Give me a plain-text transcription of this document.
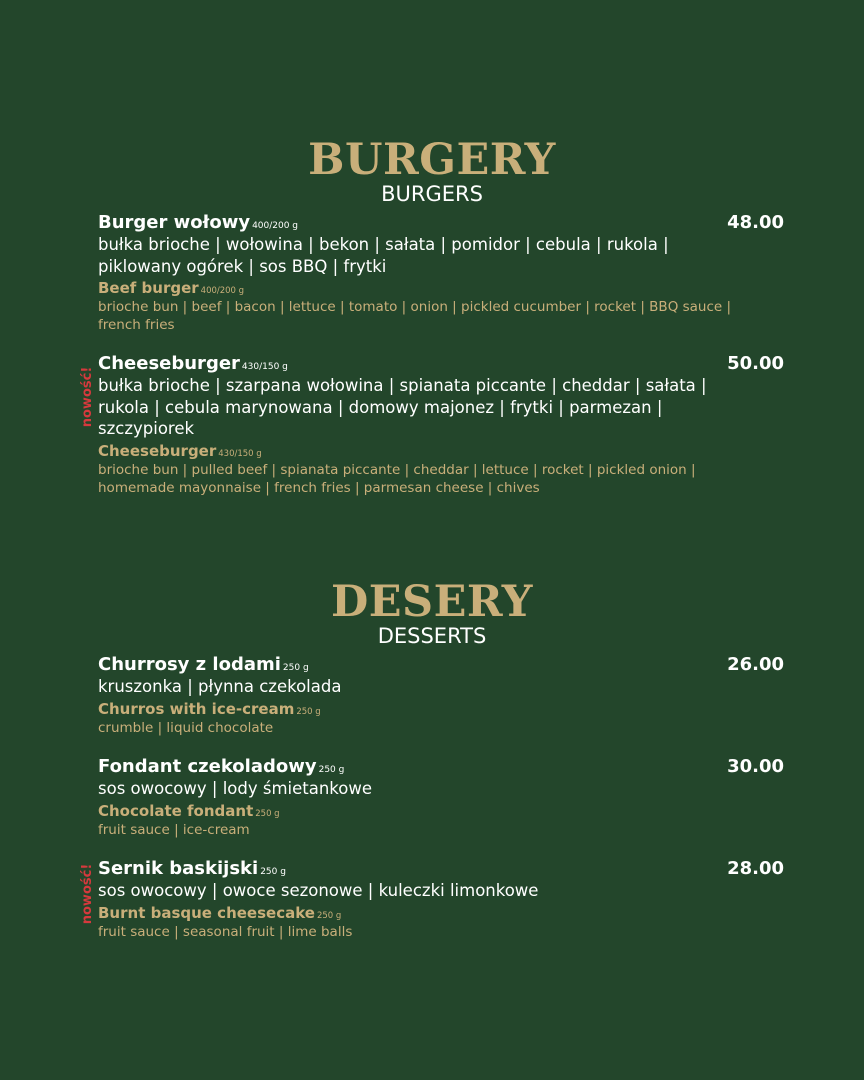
BURGERY
BURGERS
Burger wołowy 400/200 g	48.00
bułka brioche | wołowina | bekon | sałata | pomidor | cebula | rukola | piklowany ogórek | sos BBQ | frytki
Beef burger 400/200 g
brioche bun | beef | bacon | lettuce | tomato | onion | pickled cucumber | rocket | BBQ sauce | french fries
nowość!
Cheeseburger 430/150 g	50.00
bułka brioche | szarpana wołowina | spianata piccante | cheddar | sałata | rukola | cebula marynowana | domowy majonez | frytki | parmezan | szczypiorek
Cheeseburger 430/150 g
brioche bun | pulled beef | spianata piccante | cheddar | lettuce | rocket | pickled onion | homemade mayonnaise | french fries | parmesan cheese | chives
DESERY
DESSERTS
Churrosy z lodami 250 g	26.00
kruszonka | płynna czekolada
Churros with ice-cream 250 g
crumble | liquid chocolate
Fondant czekoladowy 250 g	30.00
sos owocowy | lody śmietankowe
Chocolate fondant 250 g
fruit sauce | ice-cream
nowość! Sernik baskijski 250 g	28.00
sos owocowy | owoce sezonowe | kuleczki limonkowe
Burnt basque cheesecake 250 g
fruit sauce | seasonal fruit | lime balls
